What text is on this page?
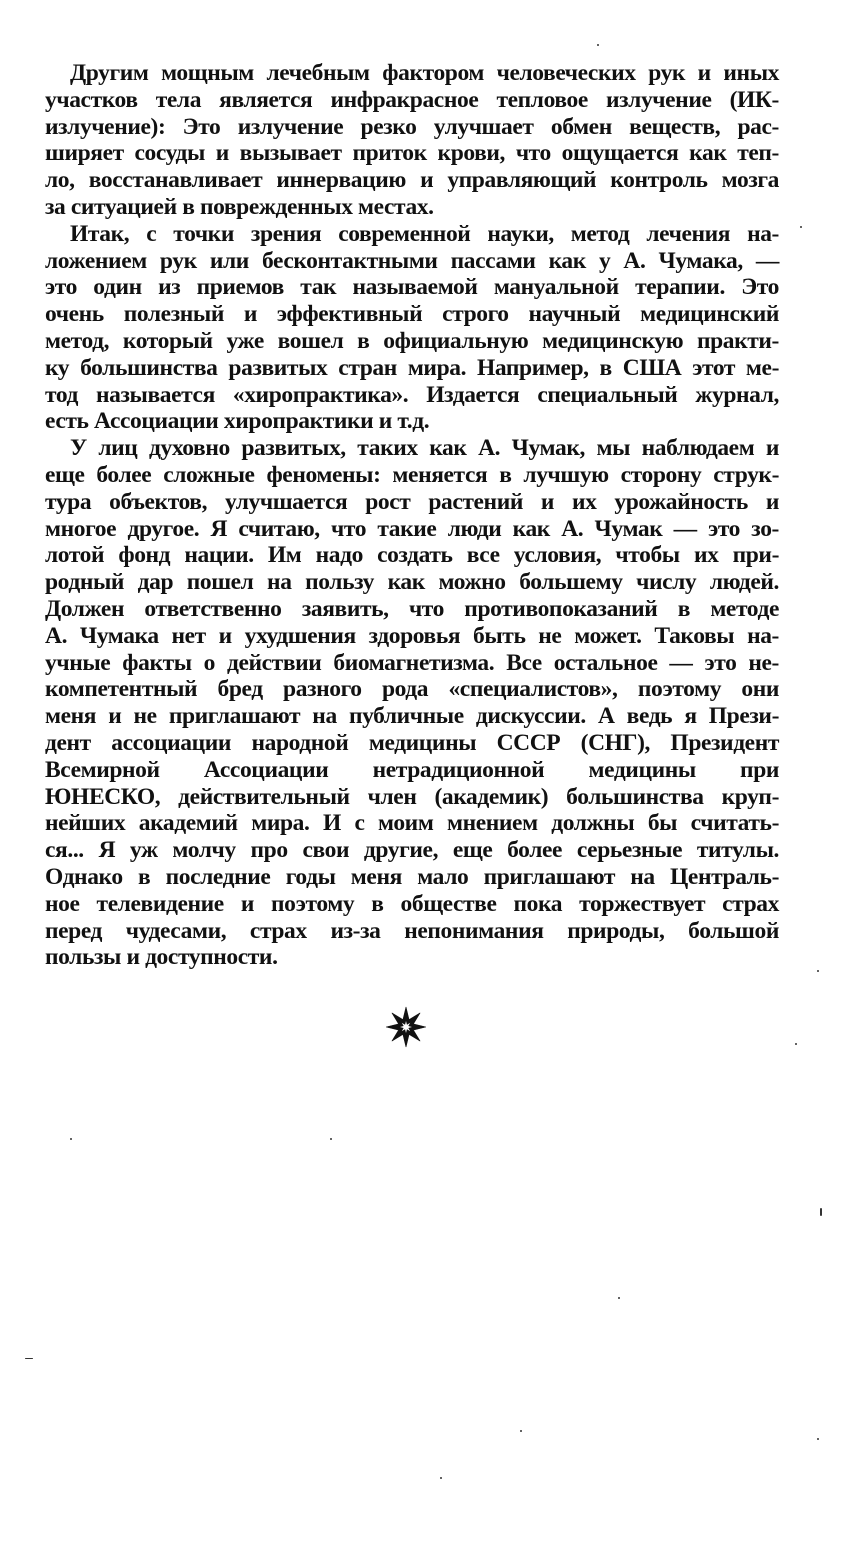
Другим мощным лечебным фактором человеческих рук и иных
участков тела является инфракрасное тепловое излучение (ИК-
излучение): Это излучение резко улучшает обмен веществ, рас-
ширяет сосуды и вызывает приток крови, что ощущается как теп-
ло, восстанавливает иннервацию и управляющий контроль мозга
за ситуацией в поврежденных местах.
Итак, с точки зрения современной науки, метод лечения на-
ложением рук или бесконтактными пассами как у А. Чумака, —
это один из приемов так называемой мануальной терапии. Это
очень полезный и эффективный строго научный медицинский
метод, который уже вошел в официальную медицинскую практи-
ку большинства развитых стран мира. Например, в США этот ме-
тод называется «хиропрактика». Издается специальный журнал,
есть Ассоциации хиропрактики и т.д.
У лиц духовно развитых, таких как А. Чумак, мы наблюдаем и
еще более сложные феномены: меняется в лучшую сторону струк-
тура объектов, улучшается рост растений и их урожайность и
многое другое. Я считаю, что такие люди как А. Чумак — это зо-
лотой фонд нации. Им надо создать все условия, чтобы их при-
родный дар пошел на пользу как можно большему числу людей.
Должен ответственно заявить, что противопоказаний в методе
А. Чумака нет и ухудшения здоровья быть не может. Таковы на-
учные факты о действии биомагнетизма. Все остальное — это не-
компетентный бред разного рода «специалистов», поэтому они
меня и не приглашают на публичные дискуссии. А ведь я Прези-
дент ассоциации народной медицины СССР (СНГ), Президент
Всемирной Ассоциации нетрадиционной медицины при
ЮНЕСКО, действительный член (академик) большинства круп-
нейших академий мира. И с моим мнением должны бы считать-
ся... Я уж молчу про свои другие, еще более серьезные титулы.
Однако в последние годы меня мало приглашают на Централь-
ное телевидение и поэтому в обществе пока торжествует страх
перед чудесами, страх из-за непонимания природы, большой
пользы и доступности.
